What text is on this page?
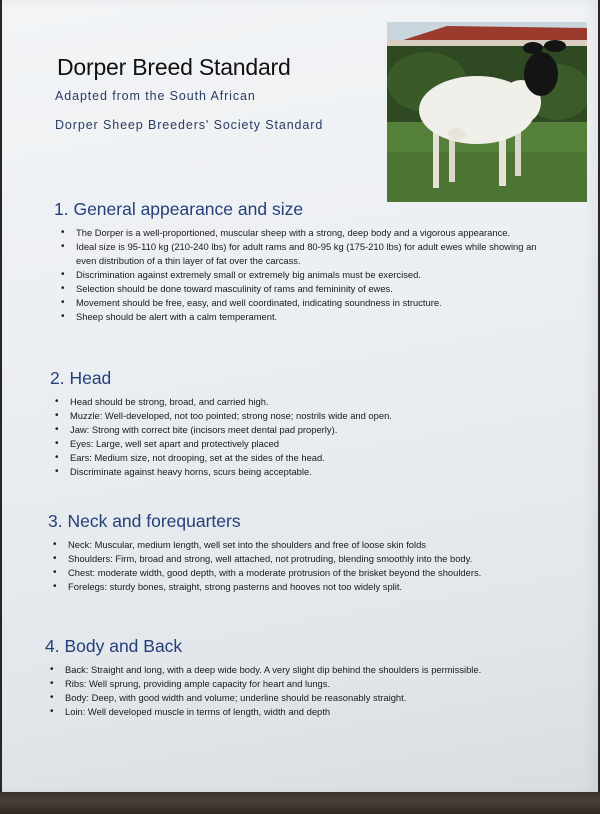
Dorper Breed Standard

Adapted from the South African

Dorper Sheep Breeders' Society Standard

1. General appearance and size
• The Dorper is a well-proportioned, muscular sheep with a strong, deep body and a vigorous appearance.
• Ideal size is 95-110 kg (210-240 lbs) for adult rams and 80-95 kg (175-210 lbs) for adult ewes while showing an even distribution of a thin layer of fat over the carcass.
• Discrimination against extremely small or extremely big animals must be exercised.
• Selection should be done toward masculinity of rams and femininity of ewes.
• Movement should be free, easy, and well coordinated, indicating soundness in structure.
• Sheep should be alert with a calm temperament.
2. Head
• Head should be strong, broad, and carried high.
• Muzzle: Well-developed, not too pointed; strong nose; nostrils wide and open.
• Jaw: Strong with correct bite (incisors meet dental pad properly).
• Eyes: Large, well set apart and protectively placed
• Ears: Medium size, not drooping, set at the sides of the head.
• Discriminate against heavy horns, scurs being acceptable.
3. Neck and forequarters
• Neck: Muscular, medium length, well set into the shoulders and free of loose skin folds
• Shoulders: Firm, broad and strong, well attached, not protruding, blending smoothly into the body.
• Chest: moderate width, good depth, with a moderate protrusion of the brisket beyond the shoulders.
• Forelegs: sturdy bones, straight, strong pasterns and hooves not too widely split.
4. Body and Back
• Back: Straight and long, with a deep wide body. A very slight dip behind the shoulders is permissible.
• Ribs: Well sprung, providing ample capacity for heart and lungs.
• Body: Deep, with good width and volume; underline should be reasonably straight.
• Loin: Well developed muscle in terms of length, width and depth
